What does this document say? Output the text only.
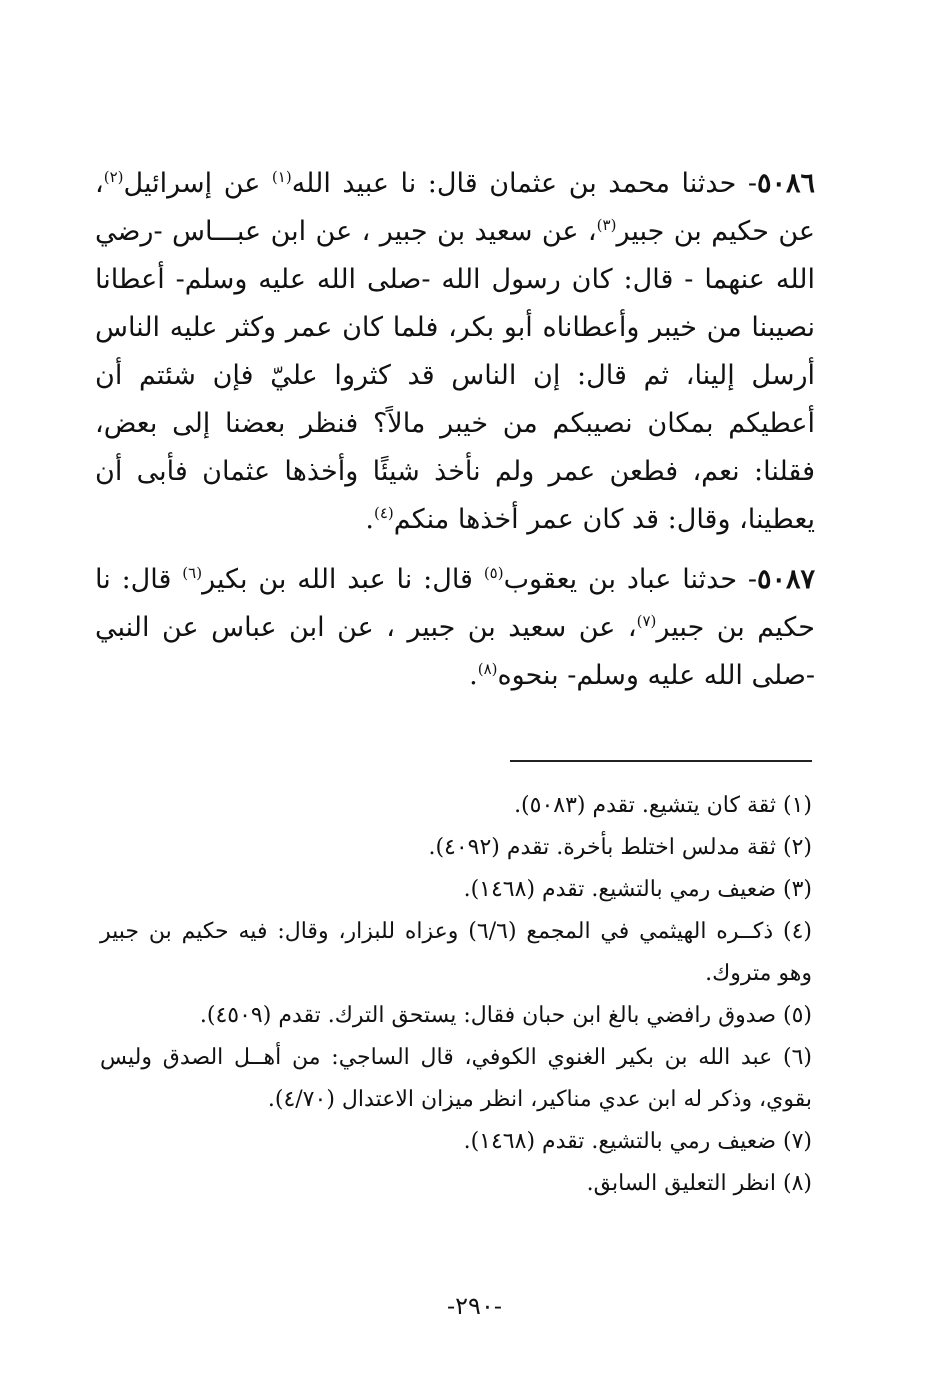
٥٠٨٦- حدثنا محمد بن عثمان قال: نا عبيد الله$^{(١)}$ عن إسرائيل$^{(٢)}$، عن حكيم بن جبير$^{(٣)}$، عن سعيد بن جبير ، عن ابن عبـــاس -رضي الله عنهما - قال: كان رسول الله -صلى الله عليه وسلم- أعطانا نصيبنا من خيبر وأعطاناه أبو بكر، فلما كان عمر وكثر عليه الناس أرسل إلينا، ثم قال: إن الناس قد كثروا عليّ فإن شئتم أن أعطيكم بمكان نصيبكم من خيبر مالاً؟ فنظر بعضنا إلى بعض، فقلنا: نعم، فطعن عمر ولم نأخذ شيئًا وأخذها عثمان فأبى أن يعطينا، وقال: قد كان عمر أخذها منكم$^{(٤)}$.

٥٠٨٧- حدثنا عباد بن يعقوب$^{(٥)}$ قال: نا عبد الله بن بكير$^{(٦)}$ قال: نا حكيم بن جبير$^{(٧)}$، عن سعيد بن جبير ، عن ابن عباس عن النبي -صلى الله عليه وسلم- بنحوه$^{(٨)}$.

(١) ثقة كان يتشيع. تقدم (٥٠٨٣).

(٢) ثقة مدلس اختلط بأخرة. تقدم (٤٠٩٢).

(٣) ضعيف رمي بالتشيع. تقدم (١٤٦٨).

(٤) ذكــره الهيثمي في المجمع (٦/٦) وعزاه للبزار، وقال: فيه حكيم بن جبير وهو متروك.

(٥) صدوق رافضي بالغ ابن حبان فقال: يستحق الترك. تقدم (٤٥٠٩).

(٦) عبد الله بن بكير الغنوي الكوفي، قال الساجي: من أهــل الصدق وليس بقوي، وذكر له ابن عدي مناكير، انظر ميزان الاعتدال (٤/٧٠).

(٧) ضعيف رمي بالتشيع. تقدم (١٤٦٨).

(٨) انظر التعليق السابق.

-٢٩٠-
